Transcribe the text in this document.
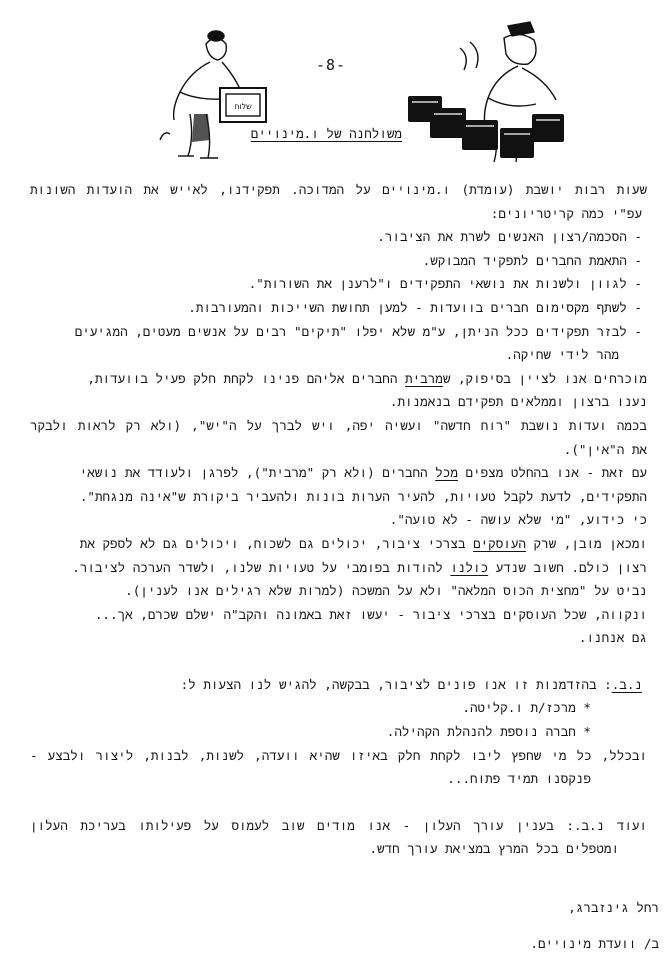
שלוח
-8-
משולחנה של ו.מינויים
שעות רבות יושבת (עומדת) ו.מינויים על המדוכה. תפקידנו, לאייש את הועדות השונות
עפ"י כמה קריטריונים:
- הסכמה/רצון האנשים לשרת את הציבור.
- התאמת החברים לתפקיד המבוקש.
- לגוון ולשנות את נושאי התפקידים ו"לרענן את השורות".
- לשתף מקסימום חברים בוועדות - למען תחושת השייכות והמעורבות.
- לבזר תפקידים ככל הניתן, ע"מ שלא יפלו "תיקים" רבים על אנשים מעטים, המגיעים
מהר לידי שחיקה.
מוכרחים אנו לציין בסיפוק, שמרבית החברים אליהם פנינו לקחת חלק פעיל בוועדות,
נענו ברצון וממלאים תפקידם בנאמנות.
בכמה ועדות נושבת "רוח חדשה" ועשיה יפה, ויש לברך על ה"יש", (ולא רק לראות ולבקר
את ה"אין").
עם זאת - אנו בהחלט מצפים מכל החברים (ולא רק "מרבית"), לפרגן ולעודד את נושאי
התפקידים, לדעת לקבל טעויות, להעיר הערות בונות ולהעביר ביקורת ש"אינה מנגחת".
כי כידוע, "מי שלא עושה - לא טועה".
ומכאן מובן, שרק העוסקים בצרכי ציבור, יכולים גם לשכוח, ויכולים גם לא לספק את
רצון כולם. חשוב שנדע כולנו להודות בפומבי על טעויות שלנו, ולשדר הערכה לציבור.
נביט על "מחצית הכוס המלאה" ולא על המשכה (למרות שלא רגילים אנו לענין).
ונקווה, שכל העוסקים בצרכי ציבור - יעשו זאת באמונה והקב"ה ישלם שכרם, אך...
גם אנחנו.
נ.ב.: בהזדמנות זו אנו פונים לציבור, בבקשה, להגיש לנו הצעות ל:
* מרכז/ת ו.קליטה.
* חברה נוספת להנהלת הקהילה.
ובכלל, כל מי שחפץ ליבו לקחת חלק באיזו שהיא וועדה, לשנות, לבנות, ליצור ולבצע -
פנקסנו תמיד פתוח...
ועוד נ.ב.: בענין עורך העלון - אנו מודים שוב לעמוס על פעילותו בעריכת העלון
ומטפלים בכל המרץ במציאת עורך חדש.
רחל גינזברג,
ב/ וועדת מינויים.
